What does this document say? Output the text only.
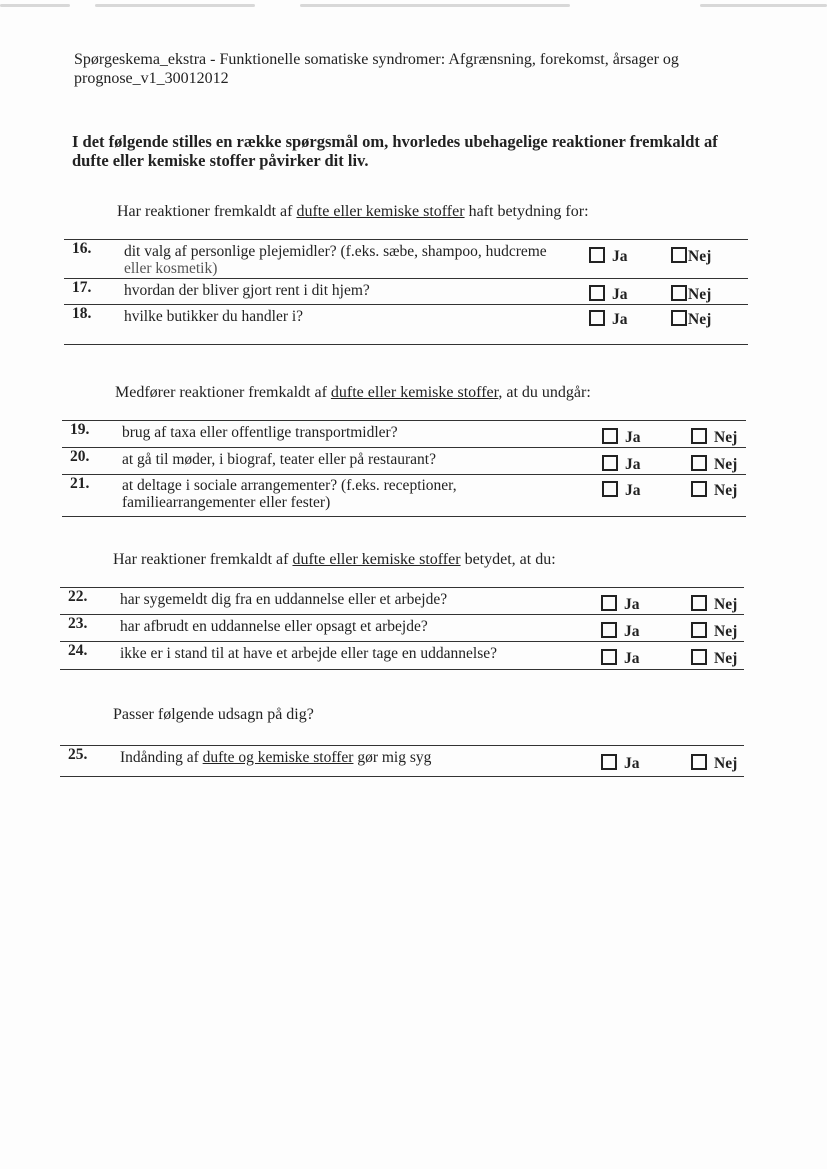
Spørgeskema_ekstra - Funktionelle somatiske syndromer: Afgrænsning, forekomst, årsager og prognose_v1_30012012
I det følgende stilles en række spørgsmål om, hvorledes ubehagelige reaktioner fremkaldt af dufte eller kemiske stoffer påvirker dit liv.
Har reaktioner fremkaldt af dufte eller kemiske stoffer haft betydning for:
16.	dit valg af personlige plejemidler? (f.eks. sæbe, shampoo, hudcreme
eller kosmetik)	Ja	Nej
17.	hvordan der bliver gjort rent i dit hjem?	Ja	Nej
18.	hvilke butikker du handler i?	Ja	Nej
Medfører reaktioner fremkaldt af dufte eller kemiske stoffer, at du undgår:
19.	brug af taxa eller offentlige transportmidler?	Ja	Nej
20.	at gå til møder, i biograf, teater eller på restaurant?	Ja	Nej
21.	at deltage i sociale arrangementer? (f.eks. receptioner,
familiearrangementer eller fester)	Ja	Nej
Har reaktioner fremkaldt af dufte eller kemiske stoffer betydet, at du:
22.	har sygemeldt dig fra en uddannelse eller et arbejde?	Ja	Nej
23.	har afbrudt en uddannelse eller opsagt et arbejde?	Ja	Nej
24.	ikke er i stand til at have et arbejde eller tage en uddannelse?	Ja	Nej
Passer følgende udsagn på dig?
25.	Indånding af dufte og kemiske stoffer gør mig syg	Ja	Nej
